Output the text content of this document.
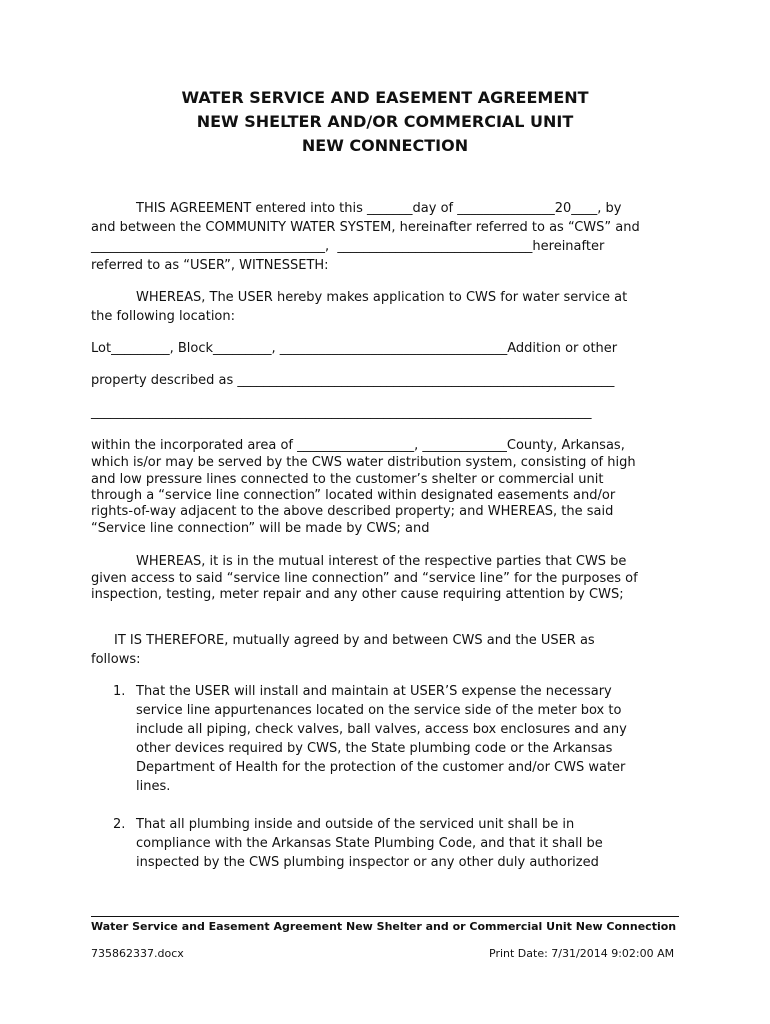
WATER SERVICE AND EASEMENT AGREEMENT
NEW SHELTER AND/OR COMMERCIAL UNIT
NEW CONNECTION
THIS AGREEMENT entered into this _______day of _______________20____, by
and between the COMMUNITY WATER SYSTEM, hereinafter referred to as “CWS” and
____________________________________,  ______________________________hereinafter
referred to as “USER”, WITNESSETH:
WHEREAS, The USER hereby makes application to CWS for water service at
the following location:
Lot_________, Block_________, ___________________________________Addition or other
property described as __________________________________________________________
_____________________________________________________________________________
within the incorporated area of __________________, _____________County, Arkansas,
which is/or may be served by the CWS water distribution system, consisting of high
and low pressure lines connected to the customer’s shelter or commercial unit
through a “service line connection” located within designated easements and/or
rights-of-way adjacent to the above described property; and WHEREAS, the said
“Service line connection” will be made by CWS; and
WHEREAS, it is in the mutual interest of the respective parties that CWS be
given access to said “service line connection” and “service line” for the purposes of
inspection, testing, meter repair and any other cause requiring attention by CWS;
IT IS THEREFORE, mutually agreed by and between CWS and the USER as
follows:
1. That the USER will install and maintain at USER’S expense the necessary
service line appurtenances located on the service side of the meter box to
include all piping, check valves, ball valves, access box enclosures and any
other devices required by CWS, the State plumbing code or the Arkansas
Department of Health for the protection of the customer and/or CWS water
lines.
2. That all plumbing inside and outside of the serviced unit shall be in
compliance with the Arkansas State Plumbing Code, and that it shall be
inspected by the CWS plumbing inspector or any other duly authorized
Water Service and Easement Agreement New Shelter and or Commercial Unit New Connection
735862337.docx	Print Date: 7/31/2014 9:02:00 AM
